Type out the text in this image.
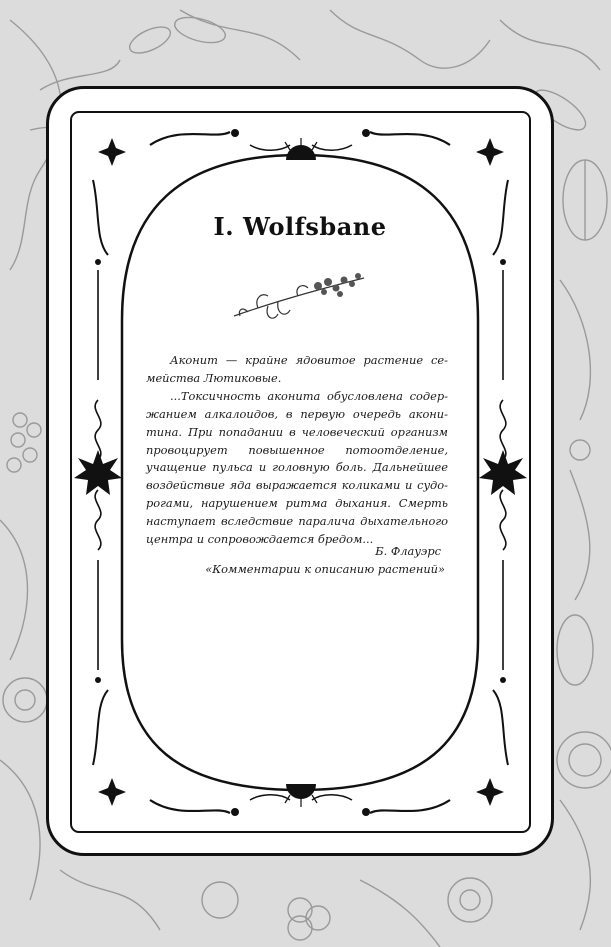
I. Wolfsbane

Аконит — крайне ядовитое растение семейства Лютиковые.

...Токсичность аконита обусловлена содержанием алкалоидов, в первую очередь аконитина. При попадании в человеческий организм провоцирует повышенное потоотделение, учащение пульса и головную боль. Дальнейшее воздействие яда выражается коликами и судорогами, нарушением ритма дыхания. Смерть наступает вследствие паралича дыхательного центра и сопровождается бредом...

Б. Флауэрс
«Комментарии к описанию растений»
